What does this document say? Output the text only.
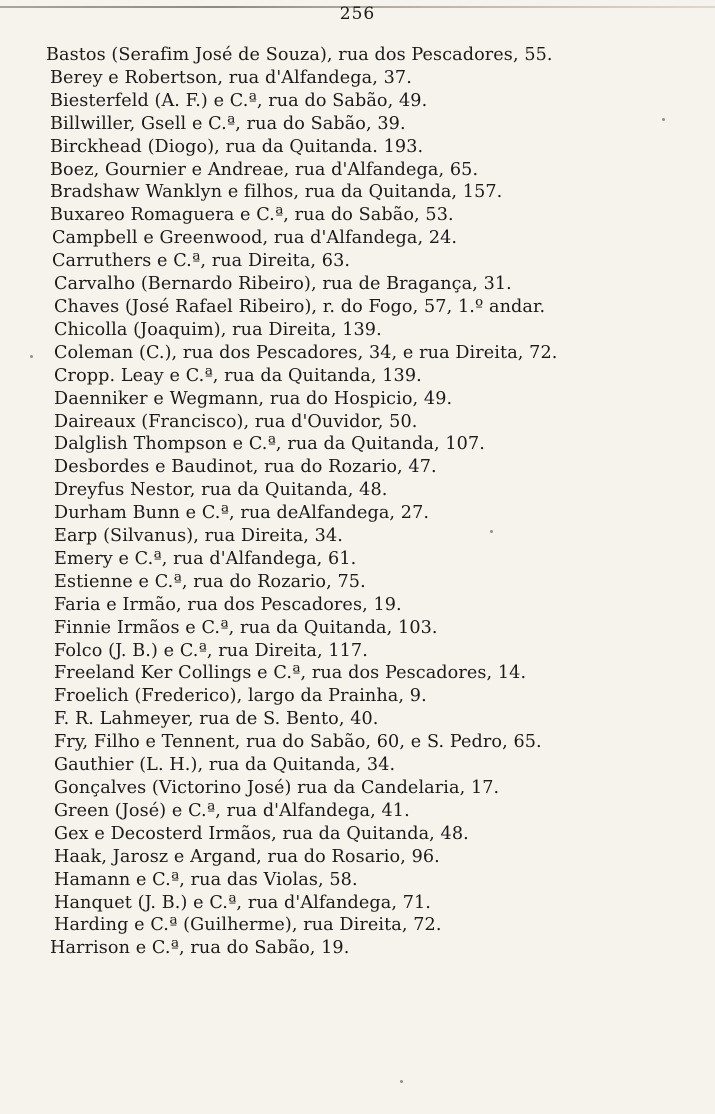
256
Bastos (Serafim José de Souza), rua dos Pescadores, 55.
Berey e Robertson, rua d'Alfandega, 37.
Biesterfeld (A. F.) e C.ª, rua do Sabão, 49.
Billwiller, Gsell e C.ª, rua do Sabão, 39.
Birckhead (Diogo), rua da Quitanda. 193.
Boez, Gournier e Andreae, rua d'Alfandega, 65.
Bradshaw Wanklyn e filhos, rua da Quitanda, 157.
Buxareo Romaguera e C.ª, rua do Sabão, 53.
Campbell e Greenwood, rua d'Alfandega, 24.
Carruthers e C.ª, rua Direita, 63.
Carvalho (Bernardo Ribeiro), rua de Bragança, 31.
Chaves (José Rafael Ribeiro), r. do Fogo, 57, 1.º andar.
Chicolla (Joaquim), rua Direita, 139.
Coleman (C.), rua dos Pescadores, 34, e rua Direita, 72.
Cropp. Leay e C.ª, rua da Quitanda, 139.
Daenniker e Wegmann, rua do Hospicio, 49.
Daireaux (Francisco), rua d'Ouvidor, 50.
Dalglish Thompson e C.ª, rua da Quitanda, 107.
Desbordes e Baudinot, rua do Rozario, 47.
Dreyfus Nestor, rua da Quitanda, 48.
Durham Bunn e C.ª, rua deAlfandega, 27.
Earp (Silvanus), rua Direita, 34.
Emery e C.ª, rua d'Alfandega, 61.
Estienne e C.ª, rua do Rozario, 75.
Faria e Irmão, rua dos Pescadores, 19.
Finnie Irmãos e C.ª, rua da Quitanda, 103.
Folco (J. B.) e C.ª, rua Direita, 117.
Freeland Ker Collings e C.ª, rua dos Pescadores, 14.
Froelich (Frederico), largo da Prainha, 9.
F. R. Lahmeyer, rua de S. Bento, 40.
Fry, Filho e Tennent, rua do Sabão, 60, e S. Pedro, 65.
Gauthier (L. H.), rua da Quitanda, 34.
Gonçalves (Victorino José) rua da Candelaria, 17.
Green (José) e C.ª, rua d'Alfandega, 41.
Gex e Decosterd Irmãos, rua da Quitanda, 48.
Haak, Jarosz e Argand, rua do Rosario, 96.
Hamann e C.ª, rua das Violas, 58.
Hanquet (J. B.) e C.ª, rua d'Alfandega, 71.
Harding e C.ª (Guilherme), rua Direita, 72.
Harrison e C.ª, rua do Sabão, 19.
